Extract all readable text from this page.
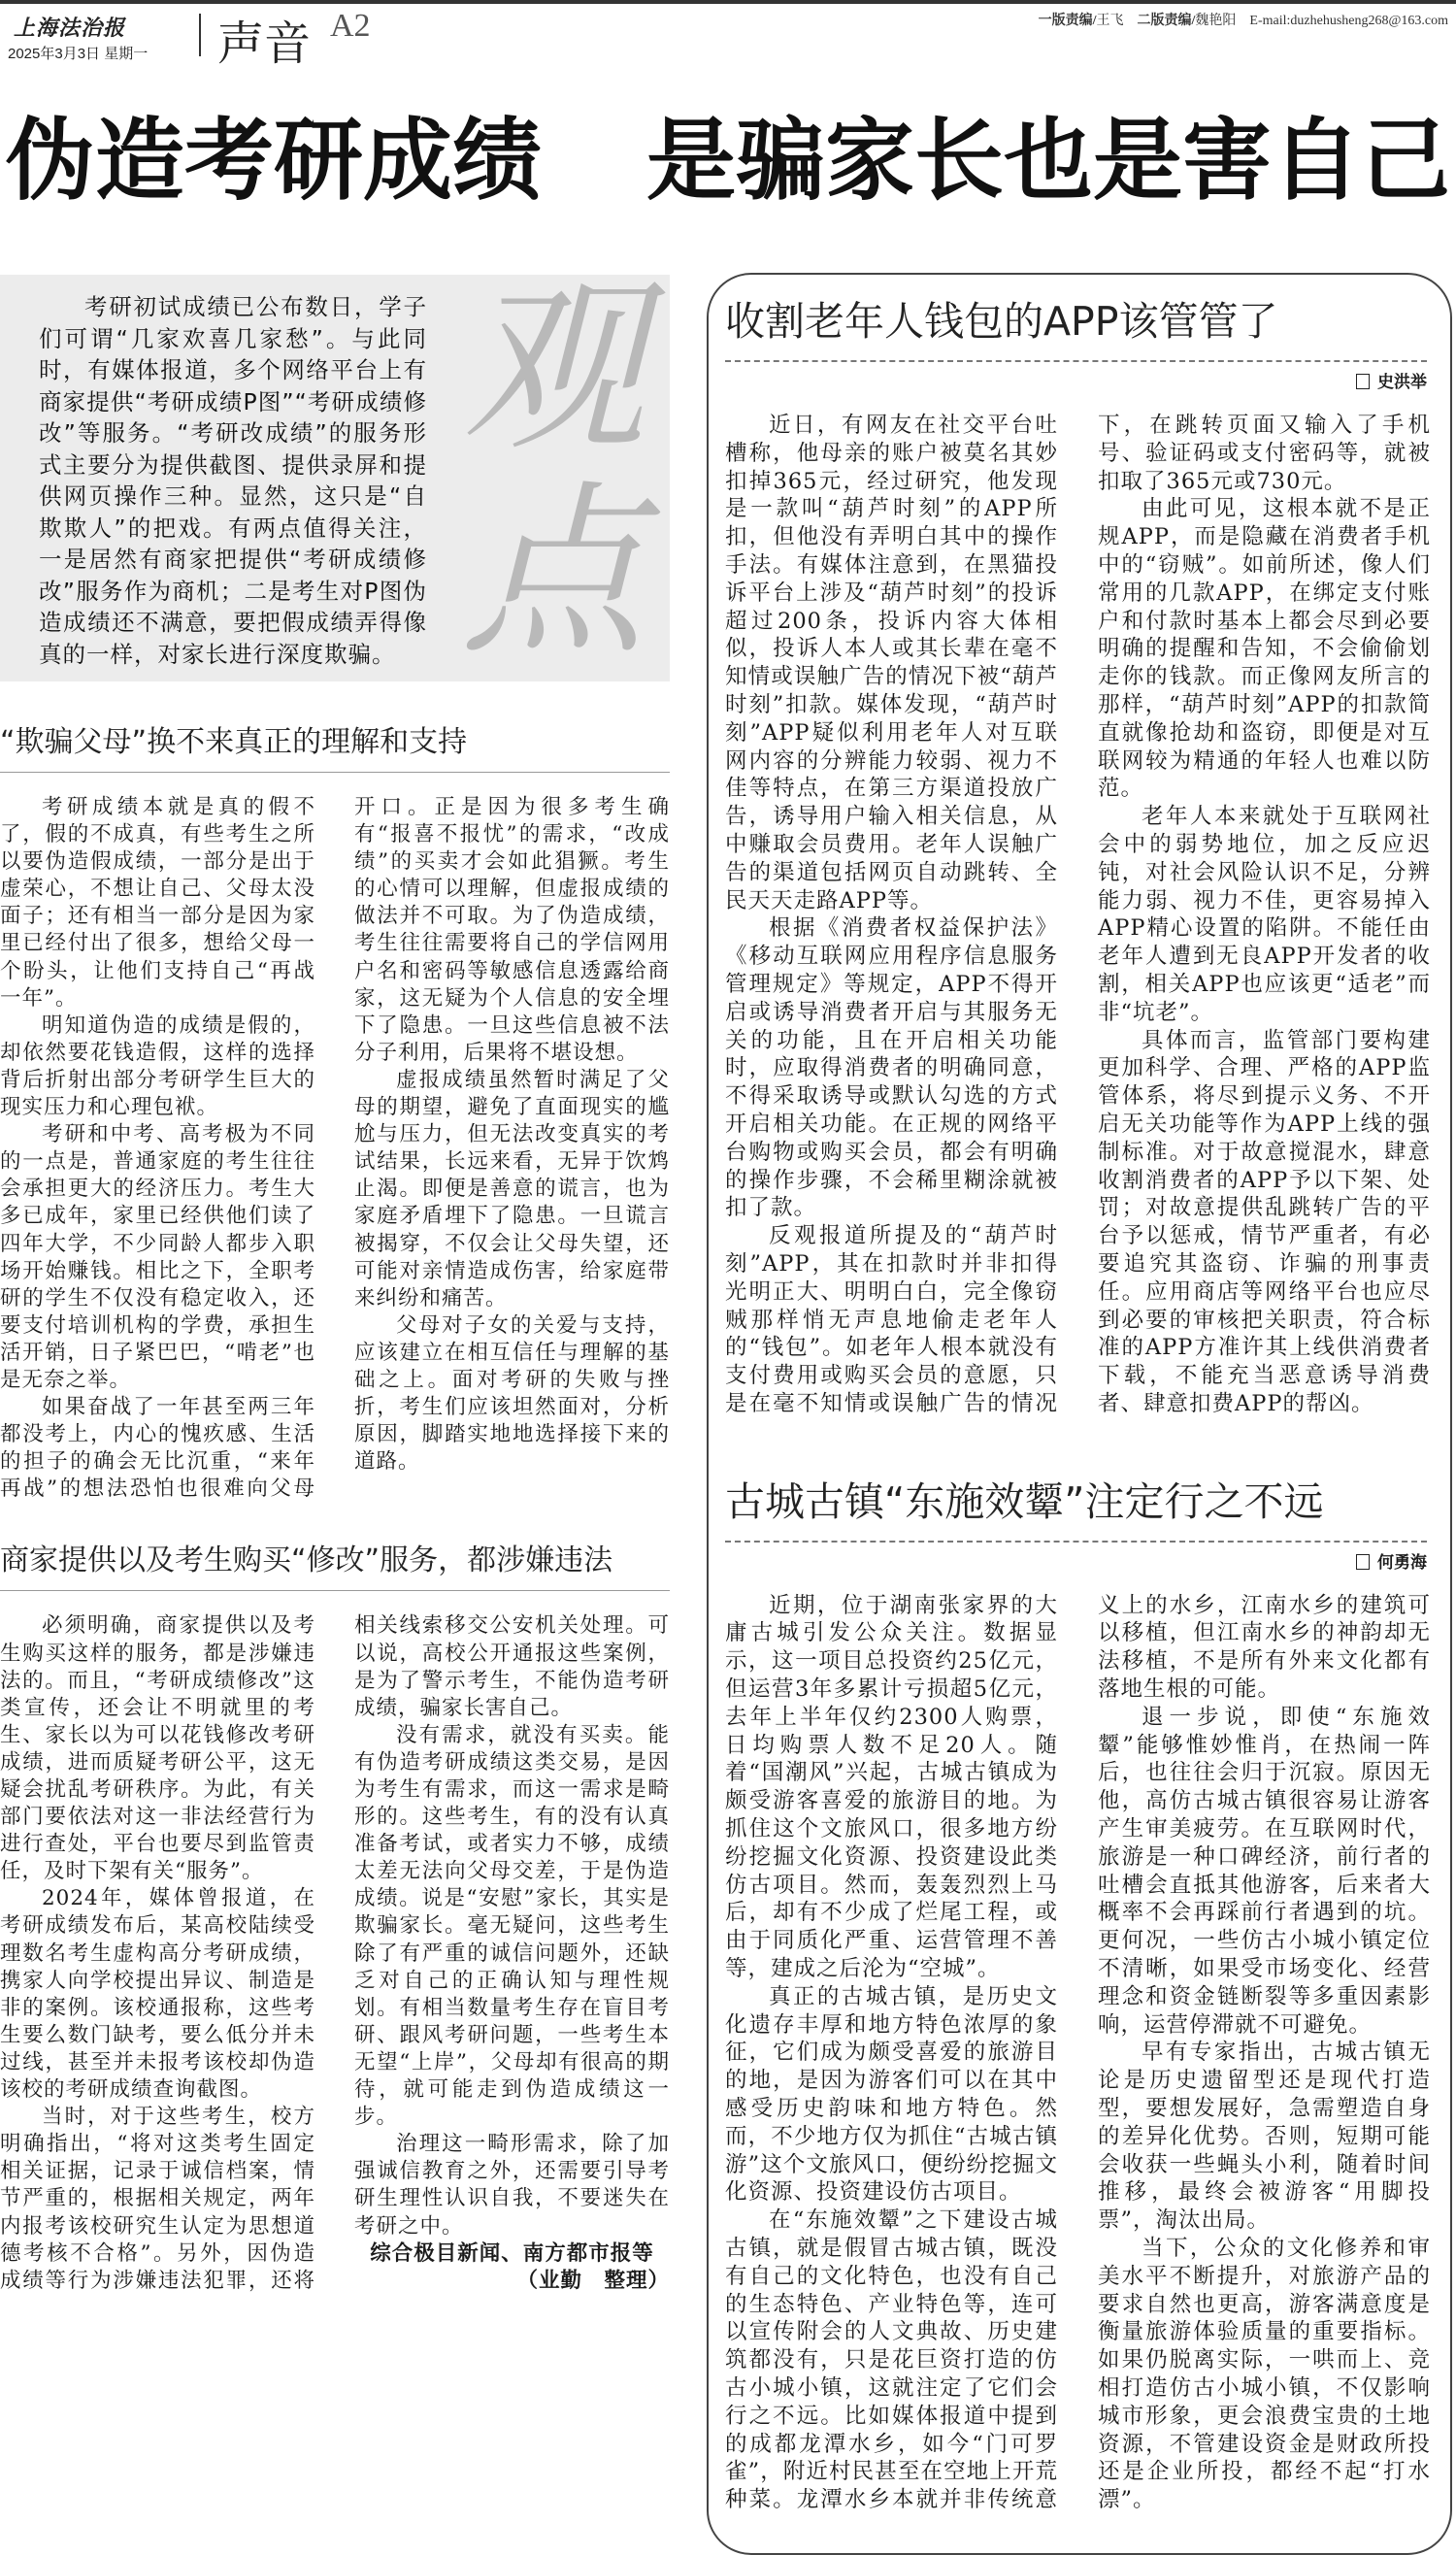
上海法治报
2025年3月3日 星期一 声音 A2	一版责编/王飞 二版责编/魏艳阳 E-mail:duzhehusheng268@163.com
伪造考研成绩 是骗家长也是害自己
考研初试成绩已公布数日，学子们可谓“几家欢喜几家愁”。与此同时，有媒体报道，多个网络平台上有商家提供“考研成绩P图”“考研成绩修改”等服务。“考研改成绩”的服务形式主要分为提供截图、提供录屏和提供网页操作三种。显然，这只是“自欺欺人”的把戏。有两点值得关注，一是居然有商家把提供“考研成绩修改”服务作为商机；二是考生对P图伪造成绩还不满意，要把假成绩弄得像真的一样，对家长进行深度欺骗。
观
点
“欺骗父母”换不来真正的理解和支持

考研成绩本就是真的假不了，假的不成真，有些考生之所以要伪造假成绩，一部分是出于虚荣心，不想让自己、父母太没面子；还有相当一部分是因为家里已经付出了很多，想给父母一个盼头，让他们支持自己“再战一年”。

明知道伪造的成绩是假的，却依然要花钱造假，这样的选择背后折射出部分考研学生巨大的现实压力和心理包袱。

考研和中考、高考极为不同的一点是，普通家庭的考生往往会承担更大的经济压力。考生大多已成年，家里已经供他们读了四年大学，不少同龄人都步入职场开始赚钱。相比之下，全职考研的学生不仅没有稳定收入，还要支付培训机构的学费，承担生活开销，日子紧巴巴，“啃老”也是无奈之举。

如果奋战了一年甚至两三年都没考上，内心的愧疚感、生活的担子的确会无比沉重，“来年再战”的想法恐怕也很难向父母开口。正是因为很多考生确有“报喜不报忧”的需求，“改成绩”的买卖才会如此猖獗。考生的心情可以理解，但虚报成绩的做法并不可取。为了伪造成绩，考生往往需要将自己的学信网用户名和密码等敏感信息透露给商家，这无疑为个人信息的安全埋下了隐患。一旦这些信息被不法分子利用，后果将不堪设想。

虚报成绩虽然暂时满足了父母的期望，避免了直面现实的尴尬与压力，但无法改变真实的考试结果，长远来看，无异于饮鸩止渴。即便是善意的谎言，也为家庭矛盾埋下了隐患。一旦谎言被揭穿，不仅会让父母失望，还可能对亲情造成伤害，给家庭带来纠纷和痛苦。

父母对子女的关爱与支持，应该建立在相互信任与理解的基础之上。面对考研的失败与挫折，考生们应该坦然面对，分析原因，脚踏实地地选择接下来的道路。

商家提供以及考生购买“修改”服务，都涉嫌违法

必须明确，商家提供以及考生购买这样的服务，都是涉嫌违法的。而且，“考研成绩修改”这类宣传，还会让不明就里的考生、家长以为可以花钱修改考研成绩，进而质疑考研公平，这无疑会扰乱考研秩序。为此，有关部门要依法对这一非法经营行为进行查处，平台也要尽到监管责任，及时下架有关“服务”。

2024年，媒体曾报道，在考研成绩发布后，某高校陆续受理数名考生虚构高分考研成绩，携家人向学校提出异议、制造是非的案例。该校通报称，这些考生要么数门缺考，要么低分并未过线，甚至并未报考该校却伪造该校的考研成绩查询截图。

当时，对于这些考生，校方明确指出，“将对这类考生固定相关证据，记录于诚信档案，情节严重的，根据相关规定，两年内报考该校研究生认定为思想道德考核不合格”。另外，因伪造成绩等行为涉嫌违法犯罪，还将相关线索移交公安机关处理。可以说，高校公开通报这些案例，是为了警示考生，不能伪造考研成绩，骗家长害自己。

没有需求，就没有买卖。能有伪造考研成绩这类交易，是因为考生有需求，而这一需求是畸形的。这些考生，有的没有认真准备考试，或者实力不够，成绩太差无法向父母交差，于是伪造成绩。说是“安慰”家长，其实是欺骗家长。毫无疑问，这些考生除了有严重的诚信问题外，还缺乏对自己的正确认知与理性规划。有相当数量考生存在盲目考研、跟风考研问题，一些考生本无望“上岸”，父母却有很高的期待，就可能走到伪造成绩这一步。

治理这一畸形需求，除了加强诚信教育之外，还需要引导考研生理性认识自我，不要迷失在考研之中。

综合极目新闻、南方都市报等

（业勤　整理）

收割老年人钱包的APP该管管了
史洪举

近日，有网友在社交平台吐槽称，他母亲的账户被莫名其妙扣掉365元，经过研究，他发现是一款叫“葫芦时刻”的APP所扣，但他没有弄明白其中的操作手法。有媒体注意到，在黑猫投诉平台上涉及“葫芦时刻”的投诉超过200条，投诉内容大体相似，投诉人本人或其长辈在毫不知情或误触广告的情况下被“葫芦时刻”扣款。媒体发现，“葫芦时刻”APP疑似利用老年人对互联网内容的分辨能力较弱、视力不佳等特点，在第三方渠道投放广告，诱导用户输入相关信息，从中赚取会员费用。老年人误触广告的渠道包括网页自动跳转、全民天天走路APP等。

根据《消费者权益保护法》《移动互联网应用程序信息服务管理规定》等规定，APP不得开启或诱导消费者开启与其服务无关的功能，且在开启相关功能时，应取得消费者的明确同意，不得采取诱导或默认勾选的方式开启相关功能。在正规的网络平台购物或购买会员，都会有明确的操作步骤，不会稀里糊涂就被扣了款。

反观报道所提及的“葫芦时刻”APP，其在扣款时并非扣得光明正大、明明白白，完全像窃贼那样悄无声息地偷走老年人的“钱包”。如老年人根本就没有支付费用或购买会员的意愿，只是在毫不知情或误触广告的情况下，在跳转页面又输入了手机号、验证码或支付密码等，就被扣取了365元或730元。

由此可见，这根本就不是正规APP，而是隐藏在消费者手机中的“窃贼”。如前所述，像人们常用的几款APP，在绑定支付账户和付款时基本上都会尽到必要明确的提醒和告知，不会偷偷划走你的钱款。而正像网友所言的那样，“葫芦时刻”APP的扣款简直就像抢劫和盗窃，即便是对互联网较为精通的年轻人也难以防范。

老年人本来就处于互联网社会中的弱势地位，加之反应迟钝，对社会风险认识不足，分辨能力弱、视力不佳，更容易掉入APP精心设置的陷阱。不能任由老年人遭到无良APP开发者的收割，相关APP也应该更“适老”而非“坑老”。

具体而言，监管部门要构建更加科学、合理、严格的APP监管体系，将尽到提示义务、不开启无关功能等作为APP上线的强制标准。对于故意搅混水，肆意收割消费者的APP予以下架、处罚；对故意提供乱跳转广告的平台予以惩戒，情节严重者，有必要追究其盗窃、诈骗的刑事责任。应用商店等网络平台也应尽到必要的审核把关职责，符合标准的APP方准许其上线供消费者下载，不能充当恶意诱导消费者、肆意扣费APP的帮凶。

古城古镇“东施效颦”注定行之不远
何勇海

近期，位于湖南张家界的大庸古城引发公众关注。数据显示，这一项目总投资约25亿元，但运营3年多累计亏损超5亿元，去年上半年仅约2300人购票，日均购票人数不足20人。随着“国潮风”兴起，古城古镇成为颇受游客喜爱的旅游目的地。为抓住这个文旅风口，很多地方纷纷挖掘文化资源、投资建设此类仿古项目。然而，轰轰烈烈上马后，却有不少成了烂尾工程，或由于同质化严重、运营管理不善等，建成之后沦为“空城”。

真正的古城古镇，是历史文化遗存丰厚和地方特色浓厚的象征，它们成为颇受喜爱的旅游目的地，是因为游客们可以在其中感受历史韵味和地方特色。然而，不少地方仅为抓住“古城古镇游”这个文旅风口，便纷纷挖掘文化资源、投资建设仿古项目。

在“东施效颦”之下建设古城古镇，就是假冒古城古镇，既没有自己的文化特色，也没有自己的生态特色、产业特色等，连可以宣传附会的人文典故、历史建筑都没有，只是花巨资打造的仿古小城小镇，这就注定了它们会行之不远。比如媒体报道中提到的成都龙潭水乡，如今“门可罗雀”，附近村民甚至在空地上开荒种菜。龙潭水乡本就并非传统意义上的水乡，江南水乡的建筑可以移植，但江南水乡的神韵却无法移植，不是所有外来文化都有落地生根的可能。

退一步说，即使“东施效颦”能够惟妙惟肖，在热闹一阵后，也往往会归于沉寂。原因无他，高仿古城古镇很容易让游客产生审美疲劳。在互联网时代，旅游是一种口碑经济，前行者的吐槽会直抵其他游客，后来者大概率不会再踩前行者遇到的坑。更何况，一些仿古小城小镇定位不清晰，如果受市场变化、经营理念和资金链断裂等多重因素影响，运营停滞就不可避免。

早有专家指出，古城古镇无论是历史遗留型还是现代打造型，要想发展好，急需塑造自身的差异化优势。否则，短期可能会收获一些蝇头小利，随着时间推移，最终会被游客“用脚投票”，淘汰出局。

当下，公众的文化修养和审美水平不断提升，对旅游产品的要求自然也更高，游客满意度是衡量旅游体验质量的重要指标。如果仍脱离实际，一哄而上、竞相打造仿古小城小镇，不仅影响城市形象，更会浪费宝贵的土地资源，不管建设资金是财政所投还是企业所投，都经不起“打水漂”。
